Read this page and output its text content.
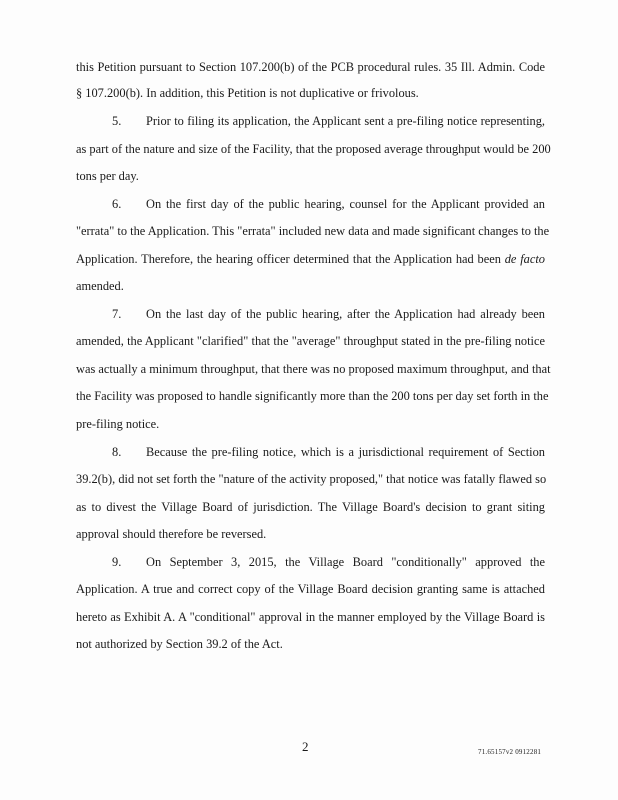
this Petition pursuant to Section 107.200(b) of the PCB procedural rules. 35 Ill. Admin. Code
§ 107.200(b). In addition, this Petition is not duplicative or frivolous.
5. Prior to filing its application, the Applicant sent a pre-filing notice representing,
as part of the nature and size of the Facility, that the proposed average throughput would be 200
tons per day.
6. On the first day of the public hearing, counsel for the Applicant provided an
"errata" to the Application. This "errata" included new data and made significant changes to the
Application. Therefore, the hearing officer determined that the Application had been de facto
amended.
7. On the last day of the public hearing, after the Application had already been
amended, the Applicant "clarified" that the "average" throughput stated in the pre-filing notice
was actually a minimum throughput, that there was no proposed maximum throughput, and that
the Facility was proposed to handle significantly more than the 200 tons per day set forth in the
pre-filing notice.
8. Because the pre-filing notice, which is a jurisdictional requirement of Section
39.2(b), did not set forth the "nature of the activity proposed," that notice was fatally flawed so
as to divest the Village Board of jurisdiction. The Village Board's decision to grant siting
approval should therefore be reversed.
9. On September 3, 2015, the Village Board "conditionally" approved the
Application. A true and correct copy of the Village Board decision granting same is attached
hereto as Exhibit A. A "conditional" approval in the manner employed by the Village Board is
not authorized by Section 39.2 of the Act.
2	71.65157v2 0912281
